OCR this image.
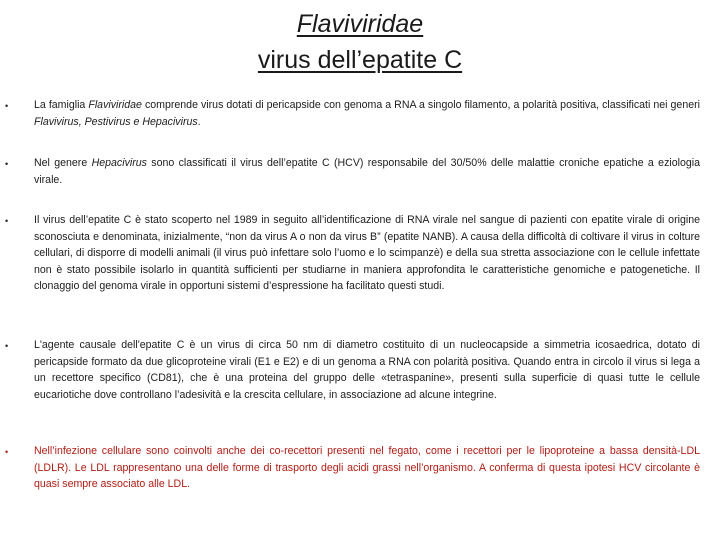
Flaviviridae
virus dell’epatite C
• La famiglia Flaviviridae comprende virus dotati di pericapside con genoma a RNA a singolo filamento, a polarità positiva, classificati nei generi Flavivirus, Pestivirus e Hepacivirus.

• Nel genere Hepacivirus sono classificati il virus dell’epatite C (HCV) responsabile del 30/50% delle malattie croniche epatiche a eziologia virale.

• Il virus dell’epatite C è stato scoperto nel 1989 in seguito all’identificazione di RNA virale nel sangue di pazienti con epatite virale di origine sconosciuta e denominata, inizialmente, “non da virus A o non da virus B” (epatite NANB). A causa della difficoltà di coltivare il virus in colture cellulari, di disporre di modelli animali (il virus può infettare solo l’uomo e lo scimpanzè) e della sua stretta associazione con le cellule infettate non è stato possibile isolarlo in quantità sufficienti per studiarne in maniera approfondita le caratteristiche genomiche e patogenetiche. Il clonaggio del genoma virale in opportuni sistemi d’espressione ha facilitato questi studi.

• L'agente causale dell'epatite C è un virus di circa 50 nm di diametro costituito di un nucleocapside a simmetria icosaedrica, dotato di pericapside formato da due glicoproteine virali (E1 e E2) e di un genoma a RNA con polarità positiva. Quando entra in circolo il virus si lega a un recettore specifico (CD81), che è una proteina del gruppo delle «tetraspanine», presenti sulla superficie di quasi tutte le cellule eucariotiche dove controllano l’adesività e la crescita cellulare, in associazione ad alcune integrine.

• Nell’infezione cellulare sono coinvolti anche dei co-recettori presenti nel fegato, come i recettori per le lipoproteine a bassa densità-LDL (LDLR). Le LDL rappresentano una delle forme di trasporto degli acidi grassi nell’organismo. A conferma di questa ipotesi HCV circolante è quasi sempre associato alle LDL.
